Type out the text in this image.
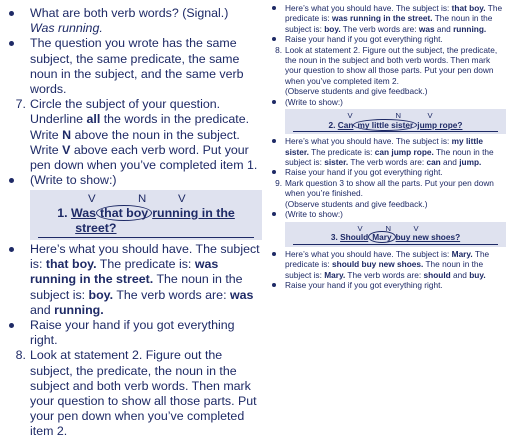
What are both verb words? (Signal.)
Was running.
The question you wrote has the same subject, the same predicate, the same noun in the subject, and the same verb words.
7. Circle the subject of your question. Underline all the words in the predicate. Write N above the noun in the subject. Write V above each verb word. Put your pen down when you’ve completed item 1.
(Write to show:)
V	N	V
1. Was that boy running in the
street?
Here’s what you should have. The subject is: that boy. The predicate is: was running in the street. The noun in the subject is: boy. The verb words are: was and running.
Raise your hand if you got everything right.
8. Look at statement 2. Figure out the subject, the predicate, the noun in the subject and both verb words. Then mark your question to show all those parts. Put your pen down when you’ve completed item 2.
Here’s what you should have. The subject is: that boy. The predicate is: was running in the street. The noun in the subject is: boy. The verb words are: was and running.
Raise your hand if you got everything right.
8. Look at statement 2. Figure out the subject, the predicate, the noun in the subject and both verb words. Then mark your question to show all those parts. Put your pen down when you’ve completed item 2.
(Observe students and give feedback.)
(Write to show:)
V	N	V
2. Can my little sister jump rope?
Here’s what you should have. The subject is: my little sister. The predicate is: can jump rope. The noun in the subject is: sister. The verb words are: can and jump.
Raise your hand if you got everything right.
9. Mark question 3 to show all the parts. Put your pen down when you’re finished.
(Observe students and give feedback.)
(Write to show:)
V	N	V
3. Should Mary buy new shoes?
Here’s what you should have. The subject is: Mary. The predicate is: should buy new shoes. The noun in the subject is: Mary. The verb words are: should and buy.
Raise your hand if you got everything right.
